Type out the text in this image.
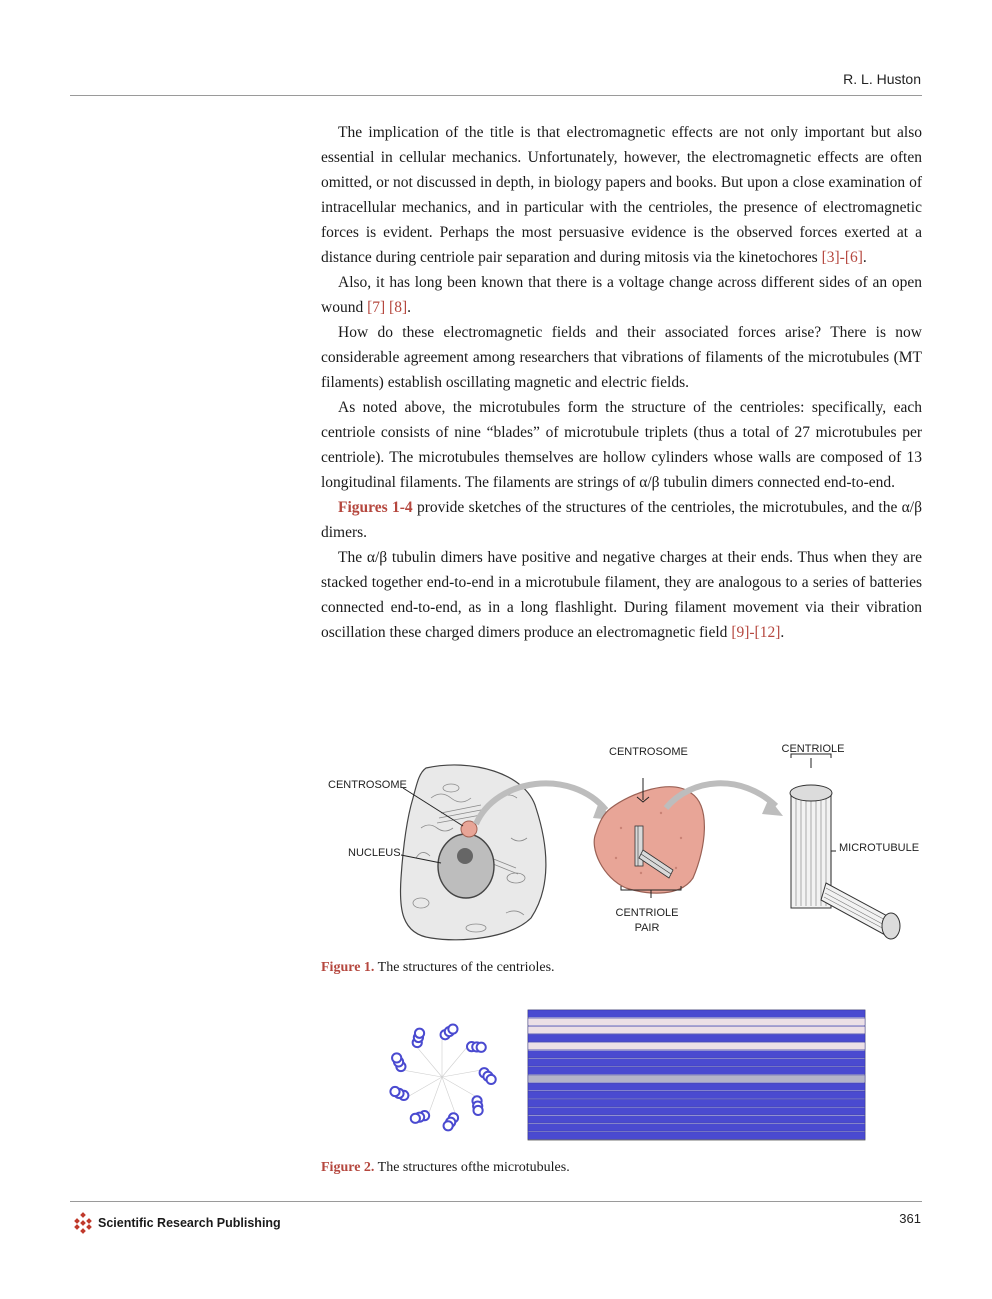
R. L. Huston

The implication of the title is that electromagnetic effects are not only important but also essential in cellular mechanics. Unfortunately, however, the electromagnetic effects are often omitted, or not discussed in depth, in biology papers and books. But upon a close examination of intracellular mechanics, and in particular with the centrioles, the presence of electromagnetic forces is evident. Perhaps the most persuasive evidence is the observed forces exerted at a distance during centriole pair separation and during mitosis via the kinetochores [3]-[6].

Also, it has long been known that there is a voltage change across different sides of an open wound [7] [8].

How do these electromagnetic fields and their associated forces arise? There is now considerable agreement among researchers that vibrations of filaments of the microtubules (MT filaments) establish oscillating magnetic and electric fields.

As noted above, the microtubules form the structure of the centrioles: specifically, each centriole consists of nine “blades” of microtubule triplets (thus a total of 27 microtubules per centriole). The microtubules themselves are hollow cylinders whose walls are composed of 13 longitudinal filaments. The filaments are strings of α/β tubulin dimers connected end-to-end.

Figures 1-4 provide sketches of the structures of the centrioles, the microtubules, and the α/β dimers.

The α/β tubulin dimers have positive and negative charges at their ends. Thus when they are stacked together end-to-end in a microtubule filament, they are analogous to a series of batteries connected end-to-end, as in a long flashlight. During filament movement via their vibration oscillation these charged dimers produce an electromagnetic field [9]-[12].

CENTROSOME
NUCLEUS
CENTROSOME
CENTRIOLE
PAIR
CENTRIOLE
MICROTUBULE
Figure 1. The structures of the centrioles.
Figure 2. The structures ofthe microtubules.
Scientific Research Publishing	361
